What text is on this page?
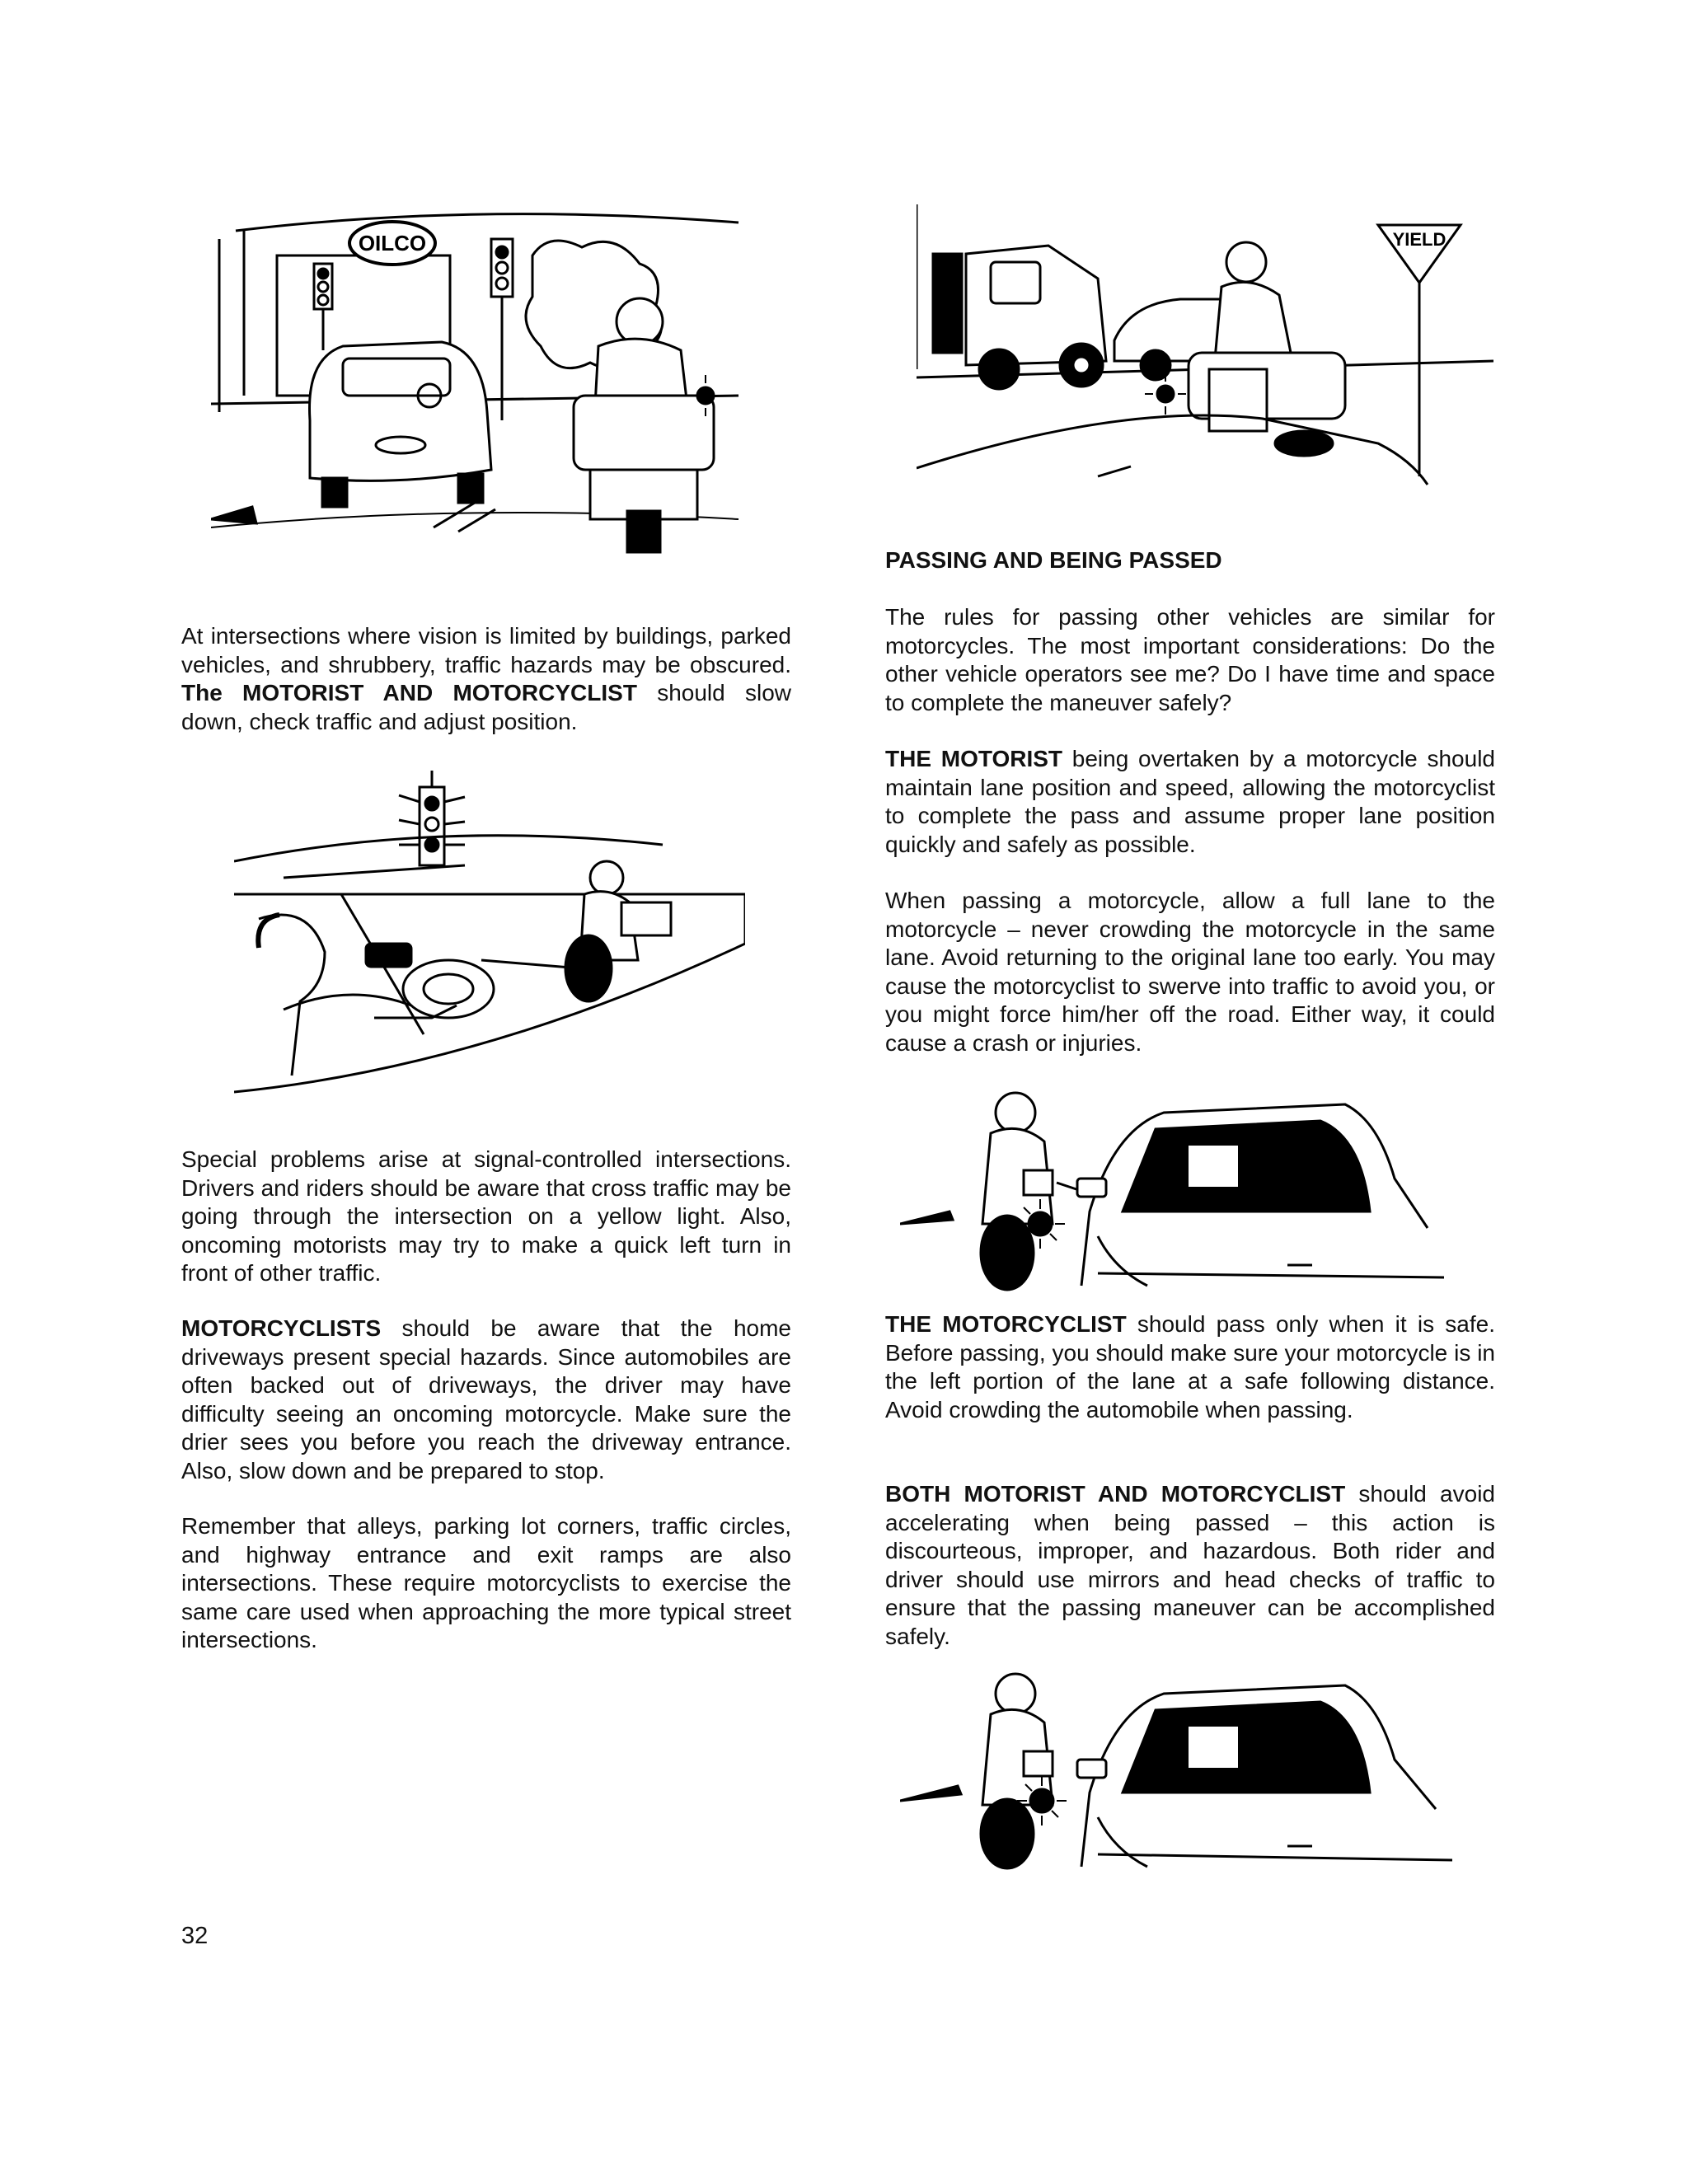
OILCO

At intersections where vision is limited by buildings, parked vehicles, and shrubbery, traffic hazards may be obscured. The MOTORIST AND MOTORCYCLIST should slow down, check traffic and adjust position.

Special problems arise at signal-controlled intersections. Drivers and riders should be aware that cross traffic may be going through the intersection on a yellow light. Also, oncoming motorists may try to make a quick left turn in front of other traffic.

MOTORCYCLISTS should be aware that the home driveways present special hazards. Since automobiles are often backed out of driveways, the driver may have difficulty seeing an oncoming motorcycle. Make sure the drier sees you before you reach the driveway entrance. Also, slow down and be prepared to stop.

Remember that alleys, parking lot corners, traffic circles, and highway entrance and exit ramps are also intersections. These require motorcyclists to exercise the same care used when approaching the more typical street intersections.

32
YIELD
PASSING AND BEING PASSED

The rules for passing other vehicles are similar for motorcycles. The most important considerations: Do the other vehicle operators see me? Do I have time and space to complete the maneuver safely?

THE MOTORIST being overtaken by a motorcycle should maintain lane position and speed, allowing the motorcyclist to complete the pass and assume proper lane position quickly and safely as possible.

When passing a motorcycle, allow a full lane to the motorcycle – never crowding the motorcycle in the same lane. Avoid returning to the original lane too early. You may cause the motorcyclist to swerve into traffic to avoid you, or you might force him/her off the road. Either way, it could cause a crash or injuries.

THE MOTORCYCLIST should pass only when it is safe. Before passing, you should make sure your motorcycle is in the left portion of the lane at a safe following distance. Avoid crowding the automobile when passing.

BOTH MOTORIST AND MOTORCYCLIST should avoid accelerating when being passed – this action is discourteous, improper, and hazardous. Both rider and driver should use mirrors and head checks of traffic to ensure that the passing maneuver can be accomplished safely.
